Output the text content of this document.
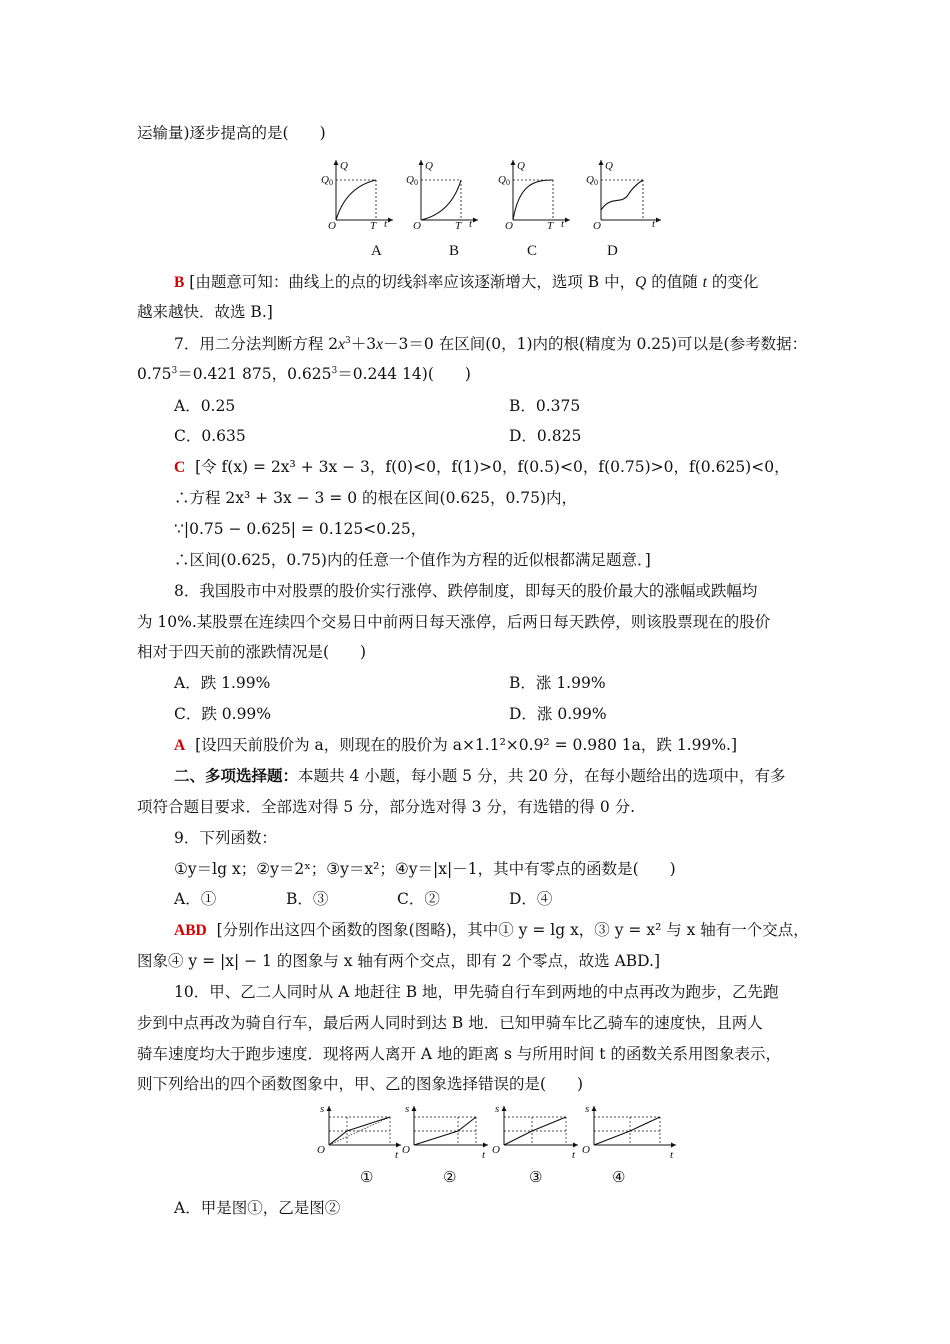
运输量)逐步提高的是(　　)
Q
Q0
O	T t
Q
Q0
O	T t
Q
Q0
O	T t
Q
Q0
O	t
A	B	C	D
B [由题意可知：曲线上的点的切线斜率应该逐渐增大，选项 B 中，Q 的值随 t 的变化
越来越快．故选 B.]
7．用二分法判断方程 $2x^3+3x-3=0$ 在区间(0，1)内的根(精度为 0.25)可以是(参考数据：
$0.75^3=0.421$ 875，$0.625^3=0.244$ 14)(　　)
A．0.25	B．0.375
C．0.635	D．0.825
C [令 f(x) = 2x³ + 3x − 3，f(0)<0，f(1)>0，f(0.5)<0，f(0.75)>0，f(0.625)<0，
∴方程 2x³ + 3x − 3 = 0 的根在区间(0.625，0.75)内，
∵|0.75 − 0.625| = 0.125<0.25，
∴区间(0.625，0.75)内的任意一个值作为方程的近似根都满足题意．]
8．我国股市中对股票的股价实行涨停、跌停制度，即每天的股价最大的涨幅或跌幅均
为 10%.某股票在连续四个交易日中前两日每天涨停，后两日每天跌停，则该股票现在的股价
相对于四天前的涨跌情况是(　　)
A．跌 1.99%	B．涨 1.99%
C．跌 0.99%	D．涨 0.99%
A [设四天前股价为 a，则现在的股价为 a×1.1²×0.9² = 0.980 1a，跌 1.99%.]
二、多项选择题：本题共 4 小题，每小题 5 分，共 20 分，在每小题给出的选项中，有多
项符合题目要求．全部选对得 5 分，部分选对得 3 分，有选错的得 0 分.
9．下列函数：
①y＝lg x；②y＝2ˣ；③y＝x²；④y＝|x|－1，其中有零点的函数是(　　)
A．①	B．③	C．②	D．④
ABD [分别作出这四个函数的图象(图略)，其中① y = lg x，③ y = x² 与 x 轴有一个交点，
图象④ y = |x| − 1 的图象与 x 轴有两个交点，即有 2 个零点，故选 ABD.]
10．甲、乙二人同时从 A 地赶往 B 地，甲先骑自行车到两地的中点再改为跑步，乙先跑
步到中点再改为骑自行车，最后两人同时到达 B 地．已知甲骑车比乙骑车的速度快，且两人
骑车速度均大于跑步速度．现将两人离开 A 地的距离 s 与所用时间 t 的函数关系用图象表示，
则下列给出的四个函数图象中，甲、乙的图象选择错误的是(　　)
s
O	t
s
O	t
s
O	t
s
O	t
①	②	③	④
A．甲是图①，乙是图②
